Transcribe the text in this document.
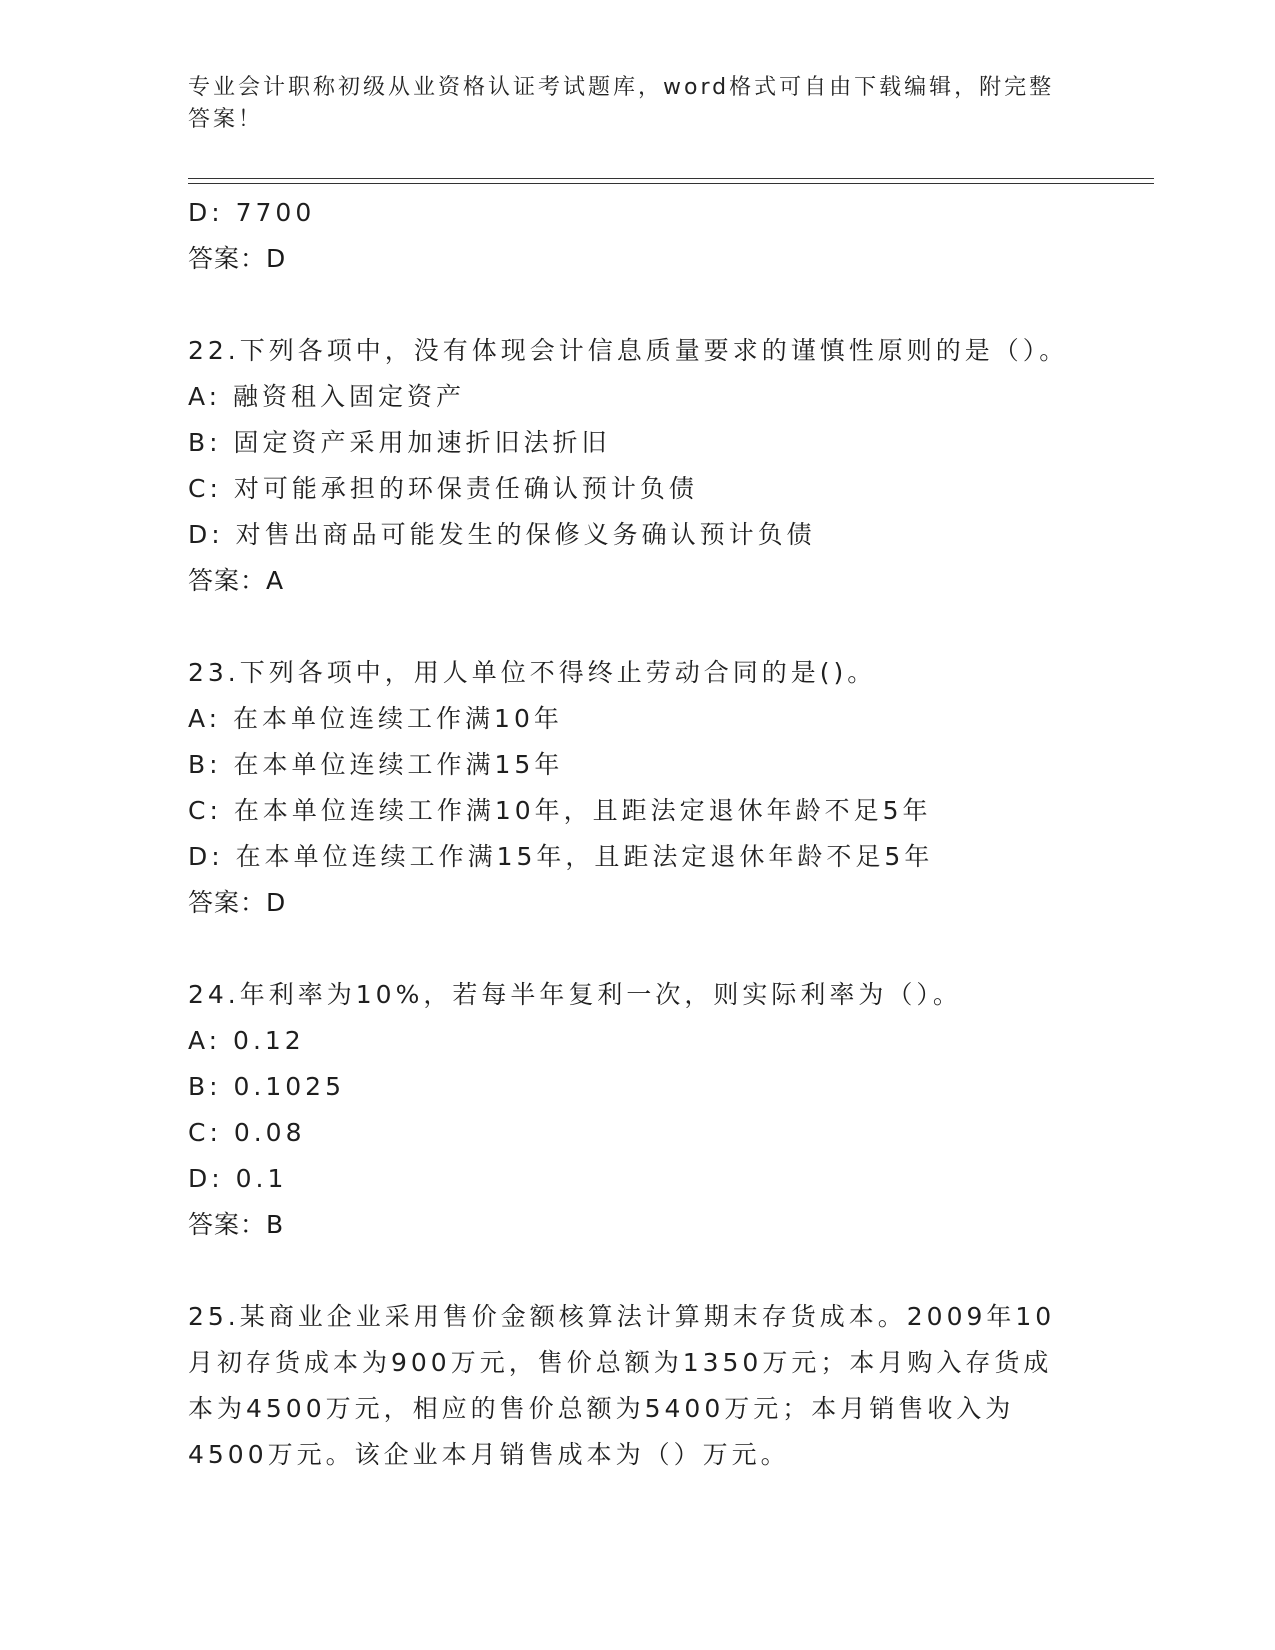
专业会计职称初级从业资格认证考试题库，word格式可自由下载编辑，附完整答案！
D: 7700
答案：D
22.下列各项中，没有体现会计信息质量要求的谨慎性原则的是（）。
A: 融资租入固定资产
B: 固定资产采用加速折旧法折旧
C: 对可能承担的环保责任确认预计负债
D: 对售出商品可能发生的保修义务确认预计负债
答案：A
23.下列各项中，用人单位不得终止劳动合同的是()。
A: 在本单位连续工作满10年
B: 在本单位连续工作满15年
C: 在本单位连续工作满10年，且距法定退休年龄不足5年
D: 在本单位连续工作满15年，且距法定退休年龄不足5年
答案：D
24.年利率为10%，若每半年复利一次，则实际利率为（）。
A: 0.12
B: 0.1025
C: 0.08
D: 0.1
答案：B
25.某商业企业采用售价金额核算法计算期末存货成本。2009年10月初存货成本为900万元，售价总额为1350万元；本月购入存货成本为4500万元，相应的售价总额为5400万元；本月销售收入为4500万元。该企业本月销售成本为（）万元。
